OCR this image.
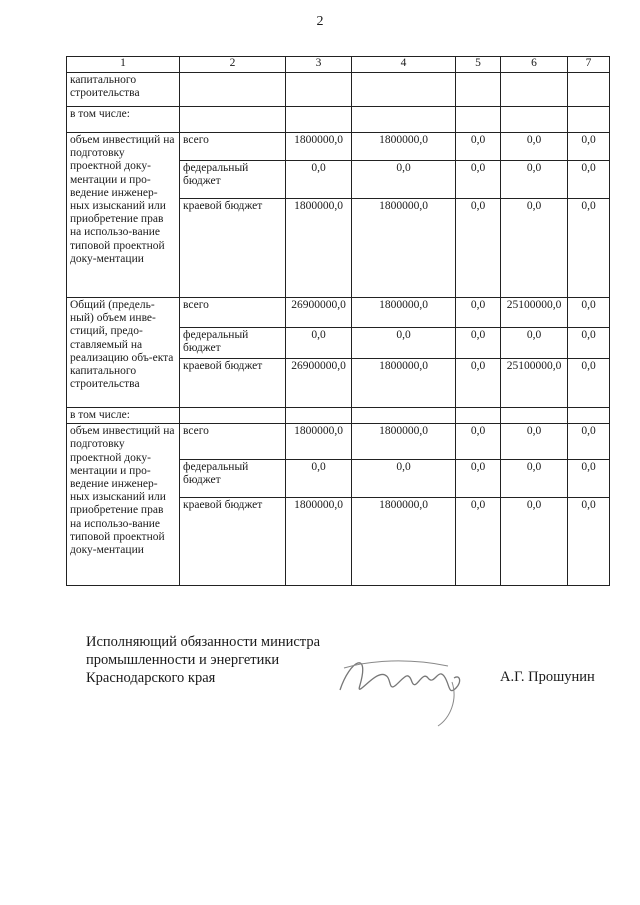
2
1	2	3	4	5	6	7
капитального строительства						
в том числе:						
объем инвестиций на подготовку проектной доку-ментации и про-ведение инженер-ных изысканий или приобретение прав на использо-вание типовой проектной доку-ментации	всего	1800000,0	1800000,0	0,0	0,0	0,0
	федеральный бюджет	0,0	0,0	0,0	0,0	0,0
	краевой бюджет	1800000,0	1800000,0	0,0	0,0	0,0
Общий (предель-ный) объем инве-стиций, предо-ставляемый на реализацию объ-екта капитального строительства	всего	26900000,0	1800000,0	0,0	25100000,0	0,0
	федеральный бюджет	0,0	0,0	0,0	0,0	0,0
	краевой бюджет	26900000,0	1800000,0	0,0	25100000,0	0,0
в том числе:						
объем инвестиций на подготовку проектной доку-ментации и про-ведение инженер-ных изысканий или приобретение прав на использо-вание типовой проектной доку-ментации	всего	1800000,0	1800000,0	0,0	0,0	0,0
	федеральный бюджет	0,0	0,0	0,0	0,0	0,0
	краевой бюджет	1800000,0	1800000,0	0,0	0,0	0,0
Исполняющий обязанности министра
промышленности и энергетики
Краснодарского края	А.Г. Прошунин
